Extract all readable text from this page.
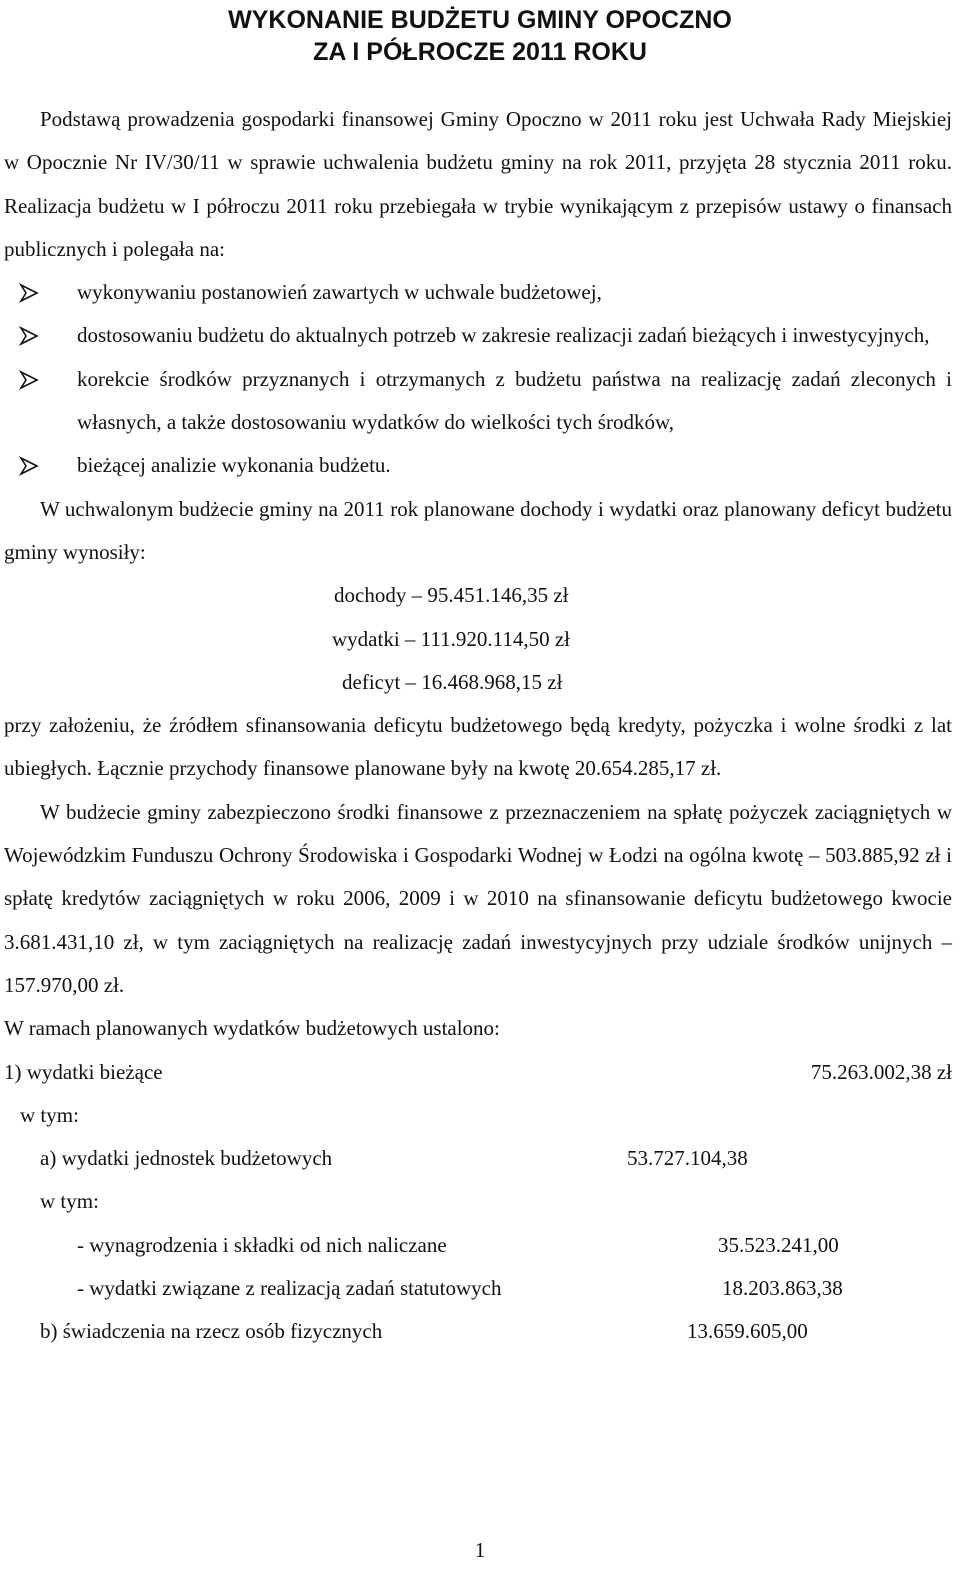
WYKONANIE BUDŻETU GMINY OPOCZNO
ZA I PÓŁROCZE 2011 ROKU

Podstawą prowadzenia gospodarki finansowej Gminy Opoczno w 2011 roku jest Uchwała Rady Miejskiej w Opocznie Nr IV/30/11 w sprawie uchwalenia budżetu gminy na rok 2011, przyjęta 28 stycznia 2011 roku. Realizacja budżetu w I półroczu 2011 roku przebiegała w trybie wynikającym z przepisów ustawy o finansach publicznych i polegała na:

wykonywaniu postanowień zawartych w uchwale budżetowej,
dostosowaniu budżetu do aktualnych potrzeb w zakresie realizacji zadań bieżących i inwestycyjnych,
korekcie środków przyznanych i otrzymanych z budżetu państwa na realizację zadań zleconych i własnych, a także dostosowaniu wydatków do wielkości tych środków,
bieżącej analizie wykonania budżetu.

W uchwalonym budżecie gminy na 2011 rok planowane dochody i wydatki oraz planowany deficyt budżetu gminy wynosiły:

dochody – 95.451.146,35 zł

wydatki – 111.920.114,50 zł

deficyt – 16.468.968,15 zł

przy założeniu, że źródłem sfinansowania deficytu budżetowego będą kredyty, pożyczka i wolne środki z lat ubiegłych. Łącznie przychody finansowe planowane były na kwotę 20.654.285,17 zł.

W budżecie gminy zabezpieczono środki finansowe z przeznaczeniem na spłatę pożyczek zaciągniętych w Wojewódzkim Funduszu Ochrony Środowiska i Gospodarki Wodnej w Łodzi na ogólna kwotę – 503.885,92 zł i spłatę kredytów zaciągniętych w roku 2006, 2009 i w 2010 na sfinansowanie deficytu budżetowego kwocie 3.681.431,10 zł, w tym zaciągniętych na realizację zadań inwestycyjnych przy udziale środków unijnych – 157.970,00 zł.

W ramach planowanych wydatków budżetowych ustalono:

1) wydatki bieżące	75.263.002,38 zł
w tym:
a) wydatki jednostek budżetowych	53.727.104,38
w tym:
- wynagrodzenia i składki od nich naliczane	35.523.241,00
- wydatki związane z realizacją zadań statutowych	18.203.863,38
b) świadczenia na rzecz osób fizycznych	13.659.605,00
1
